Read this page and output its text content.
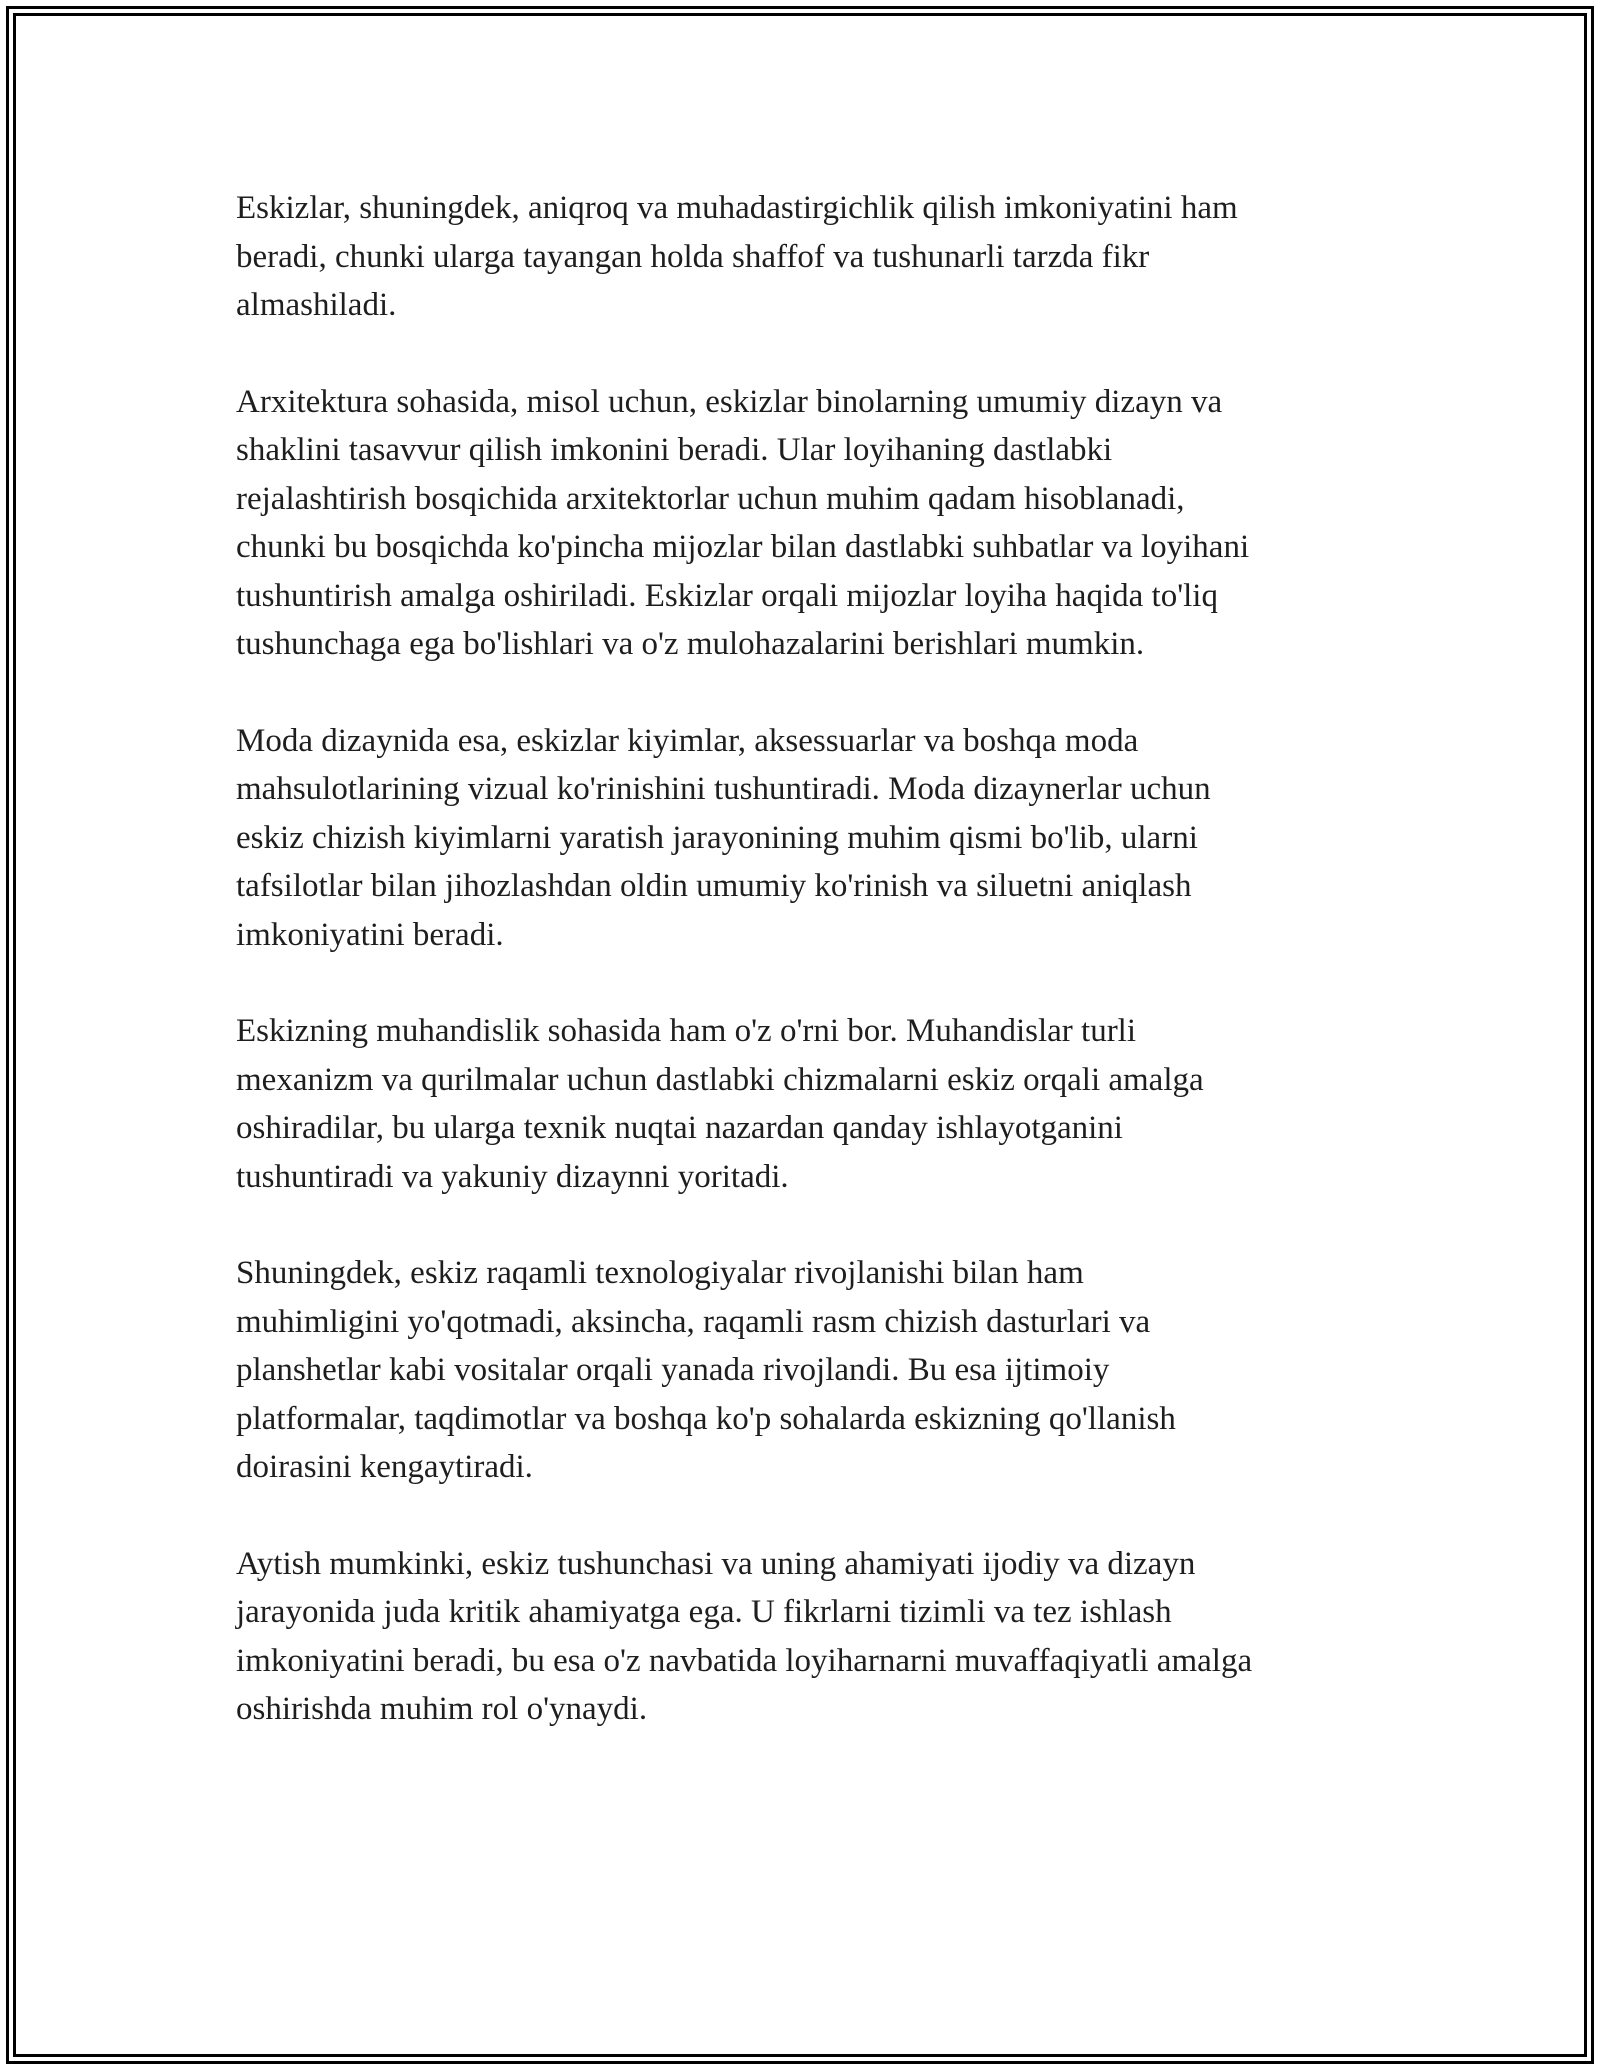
Eskizlar, shuningdek, aniqroq va muhadastirgichlik qilish imkoniyatini ham
beradi, chunki ularga tayangan holda shaffof va tushunarli tarzda fikr
almashiladi.

Arxitektura sohasida, misol uchun, eskizlar binolarning umumiy dizayn va
shaklini tasavvur qilish imkonini beradi. Ular loyihaning dastlabki
rejalashtirish bosqichida arxitektorlar uchun muhim qadam hisoblanadi,
chunki bu bosqichda ko'pincha mijozlar bilan dastlabki suhbatlar va loyihani
tushuntirish amalga oshiriladi. Eskizlar orqali mijozlar loyiha haqida to'liq
tushunchaga ega bo'lishlari va o'z mulohazalarini berishlari mumkin.

Moda dizaynida esa, eskizlar kiyimlar, aksessuarlar va boshqa moda
mahsulotlarining vizual ko'rinishini tushuntiradi. Moda dizaynerlar uchun
eskiz chizish kiyimlarni yaratish jarayonining muhim qismi bo'lib, ularni
tafsilotlar bilan jihozlashdan oldin umumiy ko'rinish va siluetni aniqlash
imkoniyatini beradi.

Eskizning muhandislik sohasida ham o'z o'rni bor. Muhandislar turli
mexanizm va qurilmalar uchun dastlabki chizmalarni eskiz orqali amalga
oshiradilar, bu ularga texnik nuqtai nazardan qanday ishlayotganini
tushuntiradi va yakuniy dizaynni yoritadi.

Shuningdek, eskiz raqamli texnologiyalar rivojlanishi bilan ham
muhimligini yo'qotmadi, aksincha, raqamli rasm chizish dasturlari va
planshetlar kabi vositalar orqali yanada rivojlandi. Bu esa ijtimoiy
platformalar, taqdimotlar va boshqa ko'p sohalarda eskizning qo'llanish
doirasini kengaytiradi.

Aytish mumkinki, eskiz tushunchasi va uning ahamiyati ijodiy va dizayn
jarayonida juda kritik ahamiyatga ega. U fikrlarni tizimli va tez ishlash
imkoniyatini beradi, bu esa o'z navbatida loyiharnarni muvaffaqiyatli amalga
oshirishda muhim rol o'ynaydi.
